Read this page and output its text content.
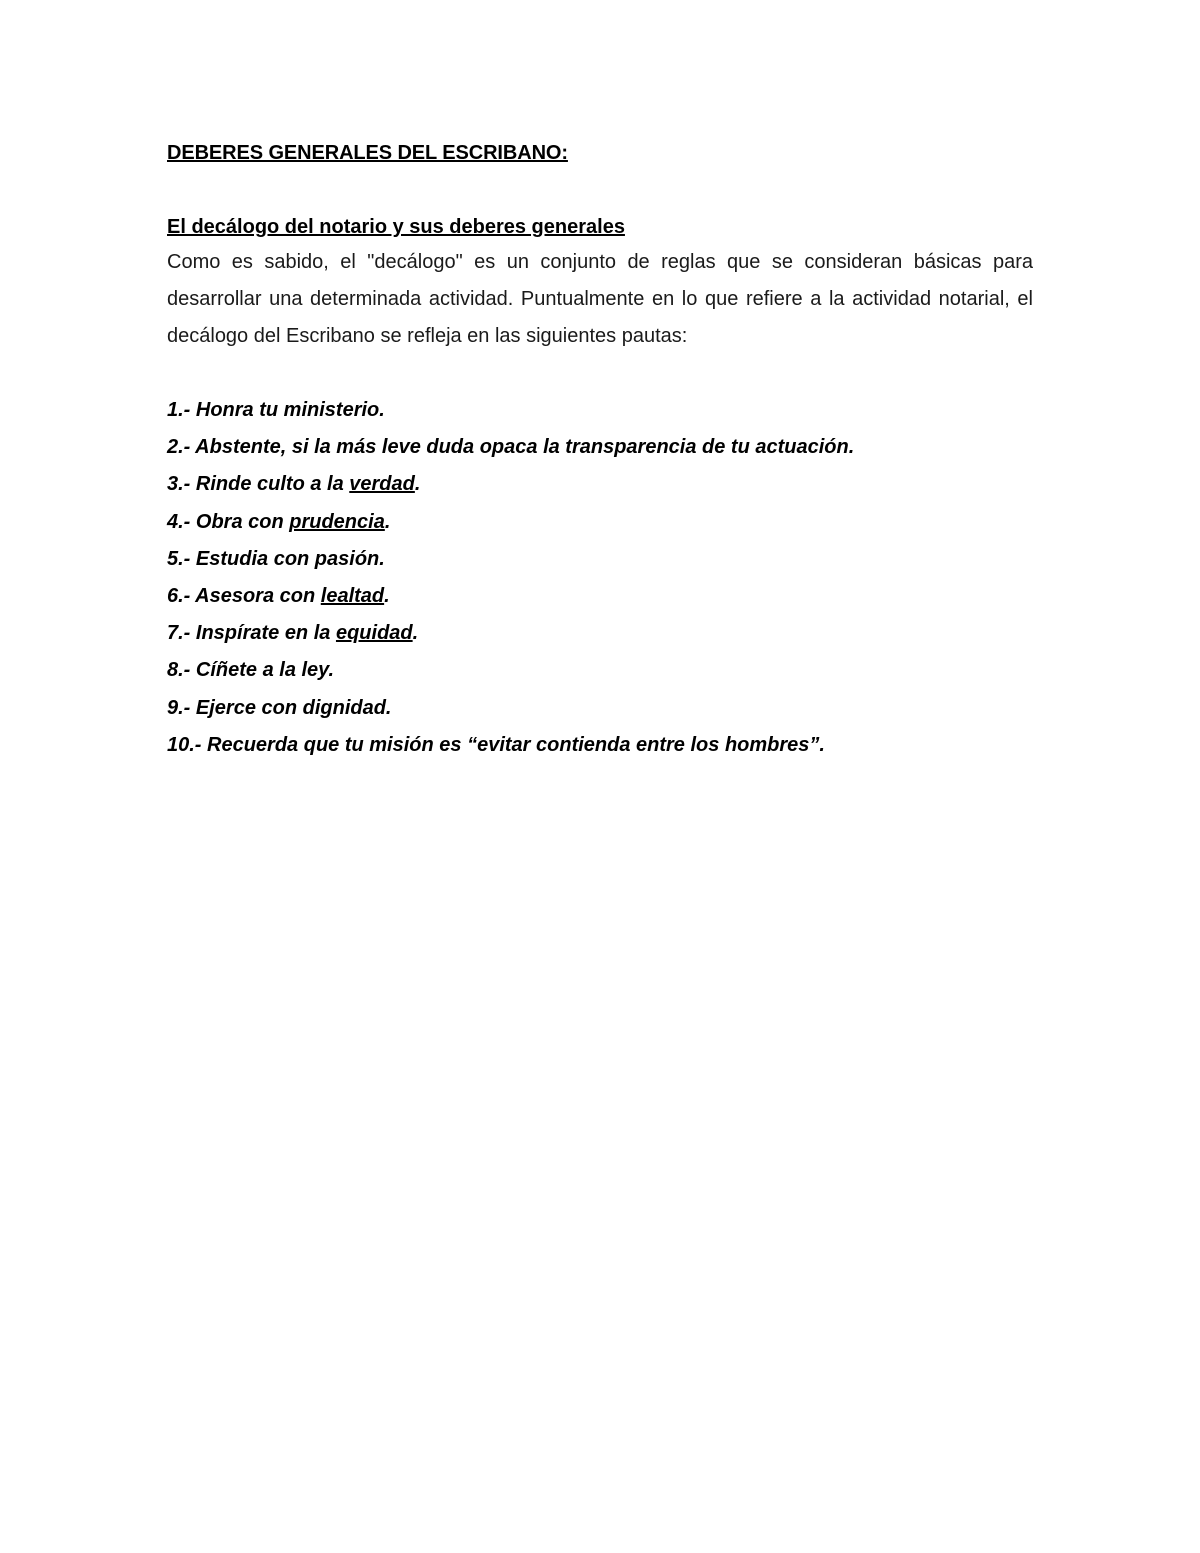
DEBERES GENERALES DEL ESCRIBANO:
El decálogo del notario y sus deberes generales

Como es sabido, el "decálogo" es un conjunto de reglas que se consideran básicas para desarrollar una determinada actividad. Puntualmente en lo que refiere a la actividad notarial, el decálogo del Escribano se refleja en las siguientes pautas:

1.- Honra tu ministerio.
2.- Abstente, si la más leve duda opaca la transparencia de tu actuación.
3.- Rinde culto a la verdad.
4.- Obra con prudencia.
5.- Estudia con pasión.
6.- Asesora con lealtad.
7.- Inspírate en la equidad.
8.- Cíñete a la ley.
9.- Ejerce con dignidad.
10.- Recuerda que tu misión es “evitar contienda entre los hombres”.
